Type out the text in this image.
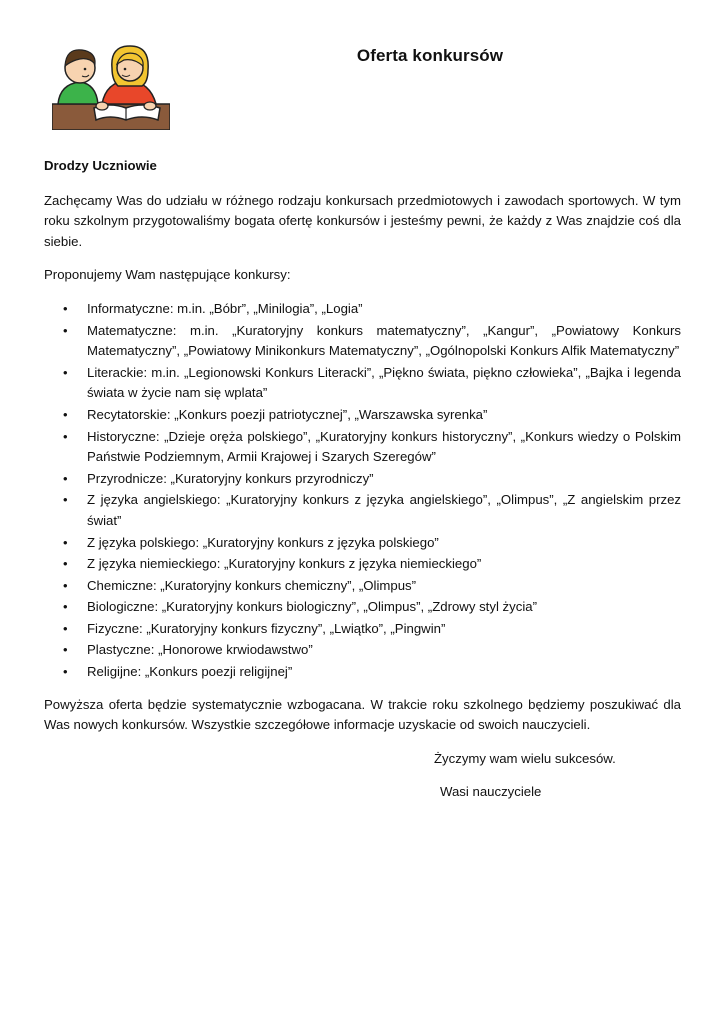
Oferta konkursów
Drodzy Uczniowie

Zachęcamy Was do udziału w różnego rodzaju konkursach przedmiotowych i zawodach sportowych. W tym roku szkolnym przygotowaliśmy bogata ofertę konkursów i jesteśmy pewni, że każdy z Was znajdzie coś dla siebie.

Proponujemy Wam następujące konkursy:

• Informatyczne: m.in. „Bóbr”, „Minilogia”, „Logia”
• Matematyczne: m.in. „Kuratoryjny konkurs matematyczny”, „Kangur”, „Powiatowy Konkurs Matematyczny”, „Powiatowy Minikonkurs Matematyczny”, „Ogólnopolski Konkurs Alfik Matematyczny”
• Literackie: m.in. „Legionowski Konkurs Literacki”, „Piękno świata, piękno człowieka”, „Bajka i legenda świata w życie nam się wplata”
• Recytatorskie: „Konkurs poezji patriotycznej”, „Warszawska syrenka”
• Historyczne: „Dzieje oręża polskiego”, „Kuratoryjny konkurs historyczny”, „Konkurs wiedzy o Polskim Państwie Podziemnym, Armii Krajowej i Szarych Szeregów”
• Przyrodnicze: „Kuratoryjny konkurs przyrodniczy”
• Z języka angielskiego: „Kuratoryjny konkurs z języka angielskiego”, „Olimpus”, „Z angielskim przez świat”
• Z języka polskiego: „Kuratoryjny konkurs z języka polskiego”
• Z języka niemieckiego: „Kuratoryjny konkurs z języka niemieckiego”
• Chemiczne: „Kuratoryjny konkurs chemiczny”, „Olimpus”
• Biologiczne: „Kuratoryjny konkurs biologiczny”, „Olimpus”, „Zdrowy styl życia”
• Fizyczne: „Kuratoryjny konkurs fizyczny”, „Lwiątko”, „Pingwin”
• Plastyczne: „Honorowe krwiodawstwo”
• Religijne: „Konkurs poezji religijnej”

Powyższa oferta będzie systematycznie wzbogacana. W trakcie roku szkolnego będziemy poszukiwać dla Was nowych konkursów. Wszystkie szczegółowe informacje uzyskacie od swoich nauczycieli.

Życzymy wam wielu sukcesów.
Wasi nauczyciele
